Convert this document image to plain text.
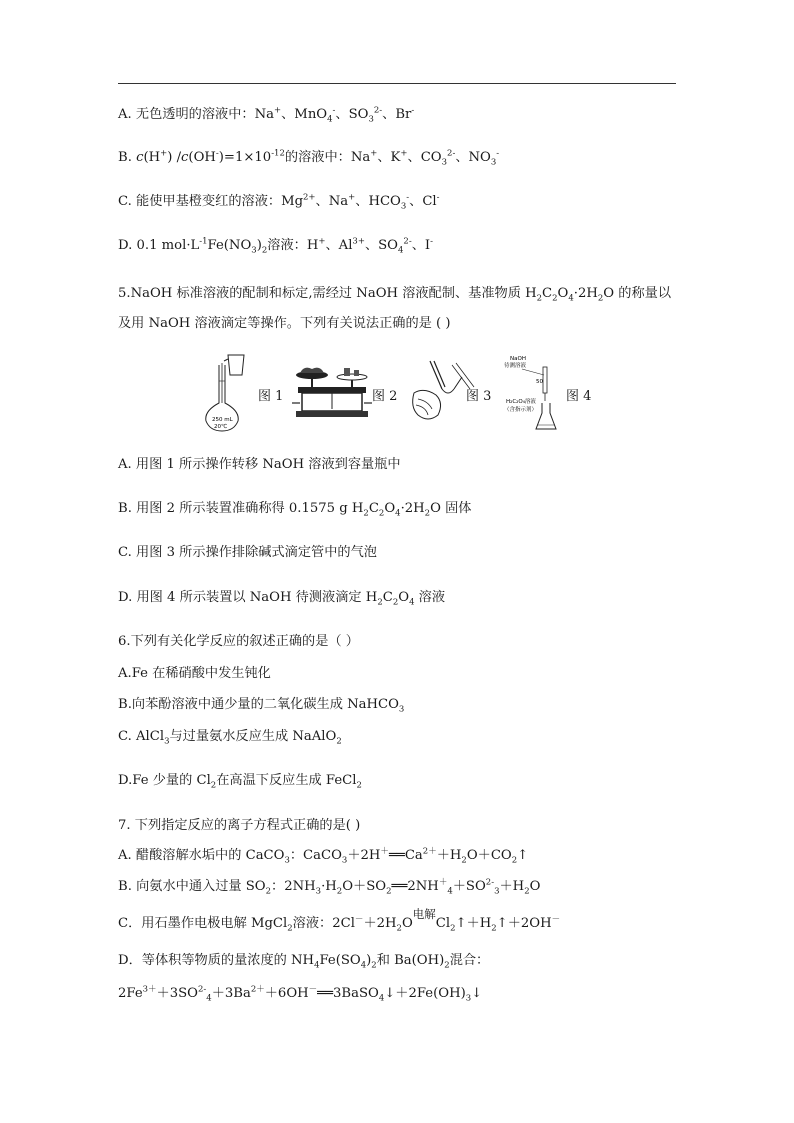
A. 无色透明的溶液中：Na+、MnO$_4$-、$SO_3^{2-}$、Br-
B. c(H+) $/c(OH^-)=1\times 10^{-12}$的溶液中：Na+、K+、$CO_3^{2-}$、$NO_3^-$
C. 能使甲基橙变红的溶液：$Mg^{2+}$、Na+、$HCO_3^-$、Cl-
D. 0.1 $mol\cdot L^{-1}Fe(NO_3)_2$溶液：H+、$Al^{3+}$、$SO_4^{2-}$、I-
5.NaOH 标准溶液的配制和标定,需经过 NaOH 溶液配制、基准物质 $H_2C_2O_4\cdot 2H_2O$ 的称量以
及用 NaOH 溶液滴定等操作。下列有关说法正确的是 ( )
250 mL
20℃
图 1	图 2	图 3
NaOH
待测溶液
50
H₂C₂O₄溶液
（含指示剂）
图 4
A. 用图 1 所示操作转移 NaOH 溶液到容量瓶中
B. 用图 2 所示装置准确称得 0.1575 g $H_2C_2O_4\cdot 2H_2O$ 固体
C. 用图 3 所示操作排除碱式滴定管中的气泡
D. 用图 4 所示装置以 NaOH 待测液滴定 $H_2C_2O_4$ 溶液
6.下列有关化学反应的叙述正确的是（ ）
A.Fe 在稀硝酸中发生钝化
B.向苯酚溶液中通少量的二氧化碳生成 NaHCO$_3$
C. AlCl$_3$与过量氨水反应生成 NaAlO$_2$
D.Fe 少量的 $Cl_2$在高温下反应生成 FeCl$_2$
7. 下列指定反应的离子方程式正确的是( )
A. 醋酸溶解水垢中的 CaCO$_3$：$CaCO_3+2H^+══Ca^{2+}+H_2O+CO_2↑$
B. 向氨水中通入过量 $SO_2$：$2NH_3\cdot H_2O+SO_2══2NH^+_4+SO^{2-}_3+H_2O$
C．用石墨作电极电解 MgCl$_2$溶液：$2Cl^-+2H_2O$电解$Cl_2↑+H_2↑+2OH^-$
D．等体积等物质的量浓度的 $NH_4Fe(SO_4)_2$和 $Ba(OH)_2$混合：
$2Fe^{3+}+3SO^{2-}_4+3Ba^{2+}+6OH^-══3BaSO_4↓+2Fe(OH)_3↓$
